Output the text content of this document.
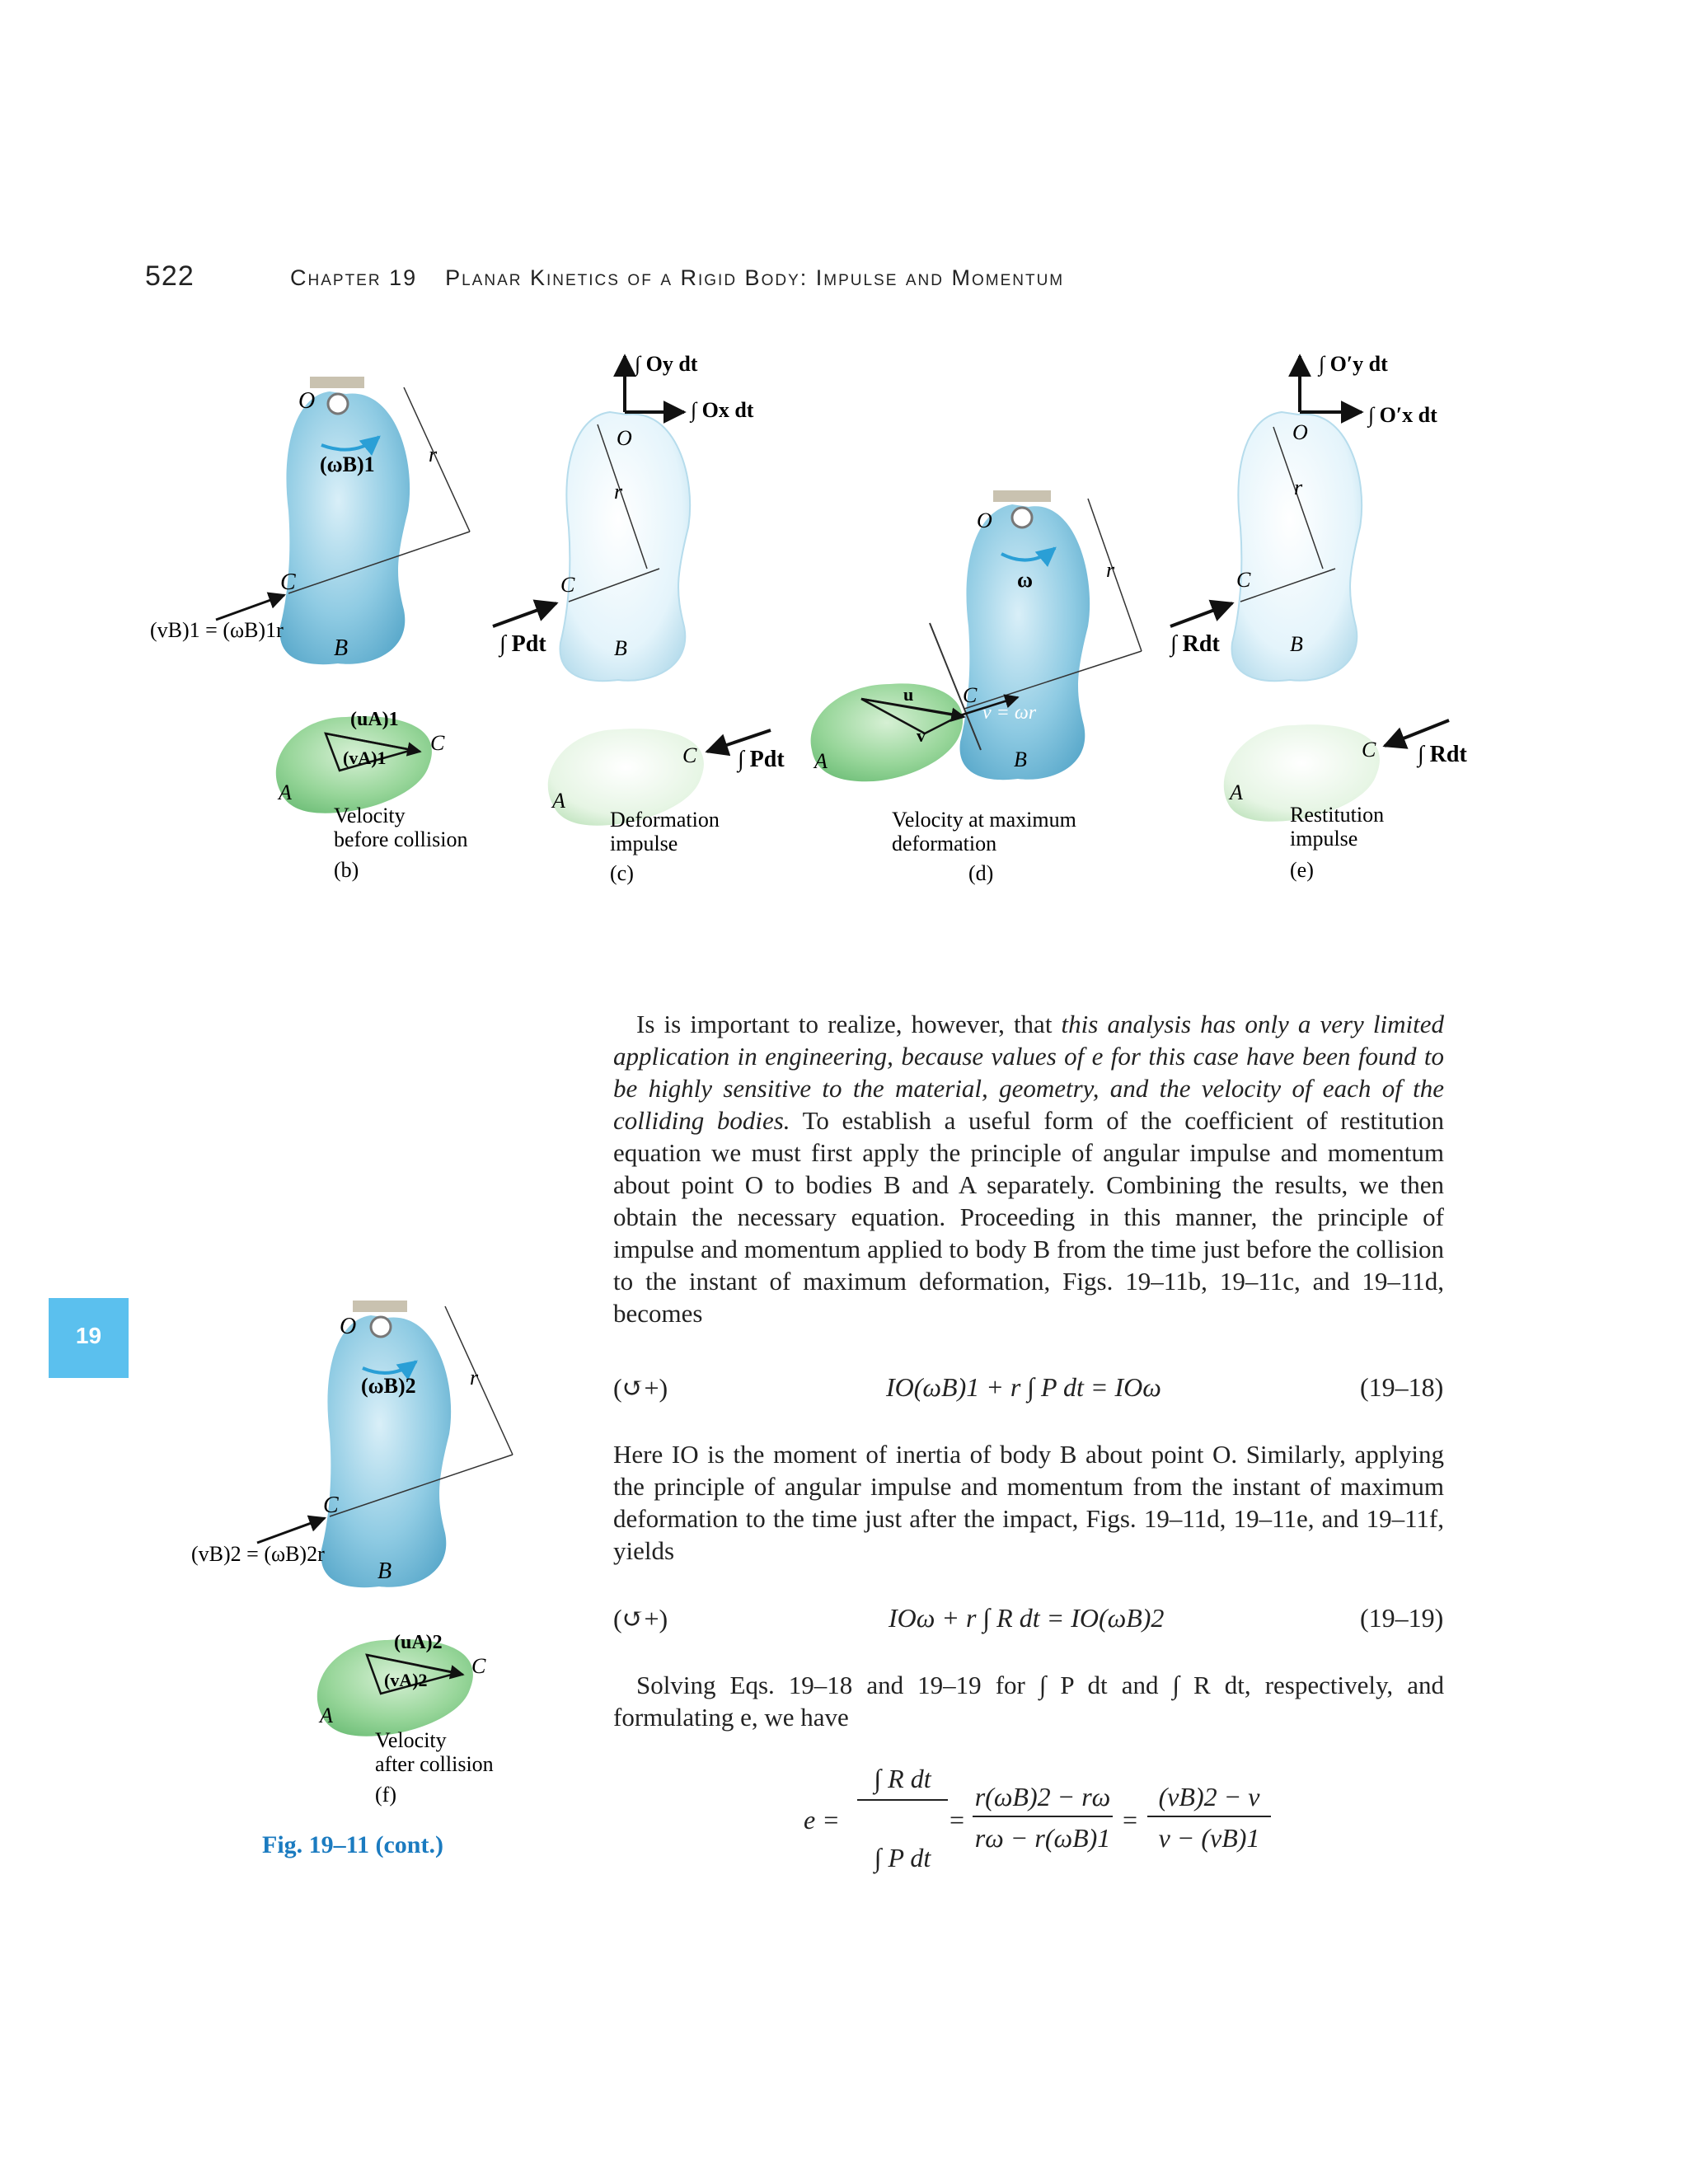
522	Chapter 19 Planar Kinetics of a Rigid Body: Impulse and Momentum
19
O
C
B
r
(ωB)1
(vB)1 = (ωB)1r
(uA)1
(vA)1
C
A
Velocity
before collision
(b)
∫ Ox dt
∫ Oy dt
O
r
C
B
∫ Pdt
C ∫ Pdt
A
Deformation
impulse
(c)
u
v
O
ω	r
C
v = ωr
B
A
Velocity at maximum
deformation
(d)
∫ O′y dt
∫ O′x dt
O
r
C
B
∫ Rdt
C ∫ Rdt
A
Restitution
impulse
(e)
O
(ωB)2	r
C
B
(vB)2 = (ωB)2r
(uA)2
(vA)2
C
A
Velocity
after collision
(f)
Fig. 19–11 (cont.)

Is is important to realize, however, that this analysis has only a very limited application in engineering, because values of e for this case have been found to be highly sensitive to the material, geometry, and the velocity of each of the colliding bodies. To establish a useful form of the coefficient of restitution equation we must first apply the principle of angular impulse and momentum about point O to bodies B and A separately. Combining the results, we then obtain the necessary equation. Proceeding in this manner, the principle of impulse and momentum applied to body B from the time just before the collision to the instant of maximum deformation, Figs. 19–11b, 19–11c, and 19–11d, becomes

(↺+)	IO(ωB)1 + r ∫ P dt = IOω	(19–18)

Here IO is the moment of inertia of body B about point O. Similarly, applying the principle of angular impulse and momentum from the instant of maximum deformation to the time just after the impact, Figs. 19–11d, 19–11e, and 19–11f, yields

(↺+)	IOω + r ∫ R dt = IO(ωB)2	(19–19)

Solving Eqs. 19–18 and 19–19 for ∫ P dt and ∫ R dt, respectively, and formulating e, we have

e =
∫ R dt
∫ P dt
=
r(ωB)2 − rω
rω − r(ωB)1
=
(vB)2 − v
v − (vB)1
